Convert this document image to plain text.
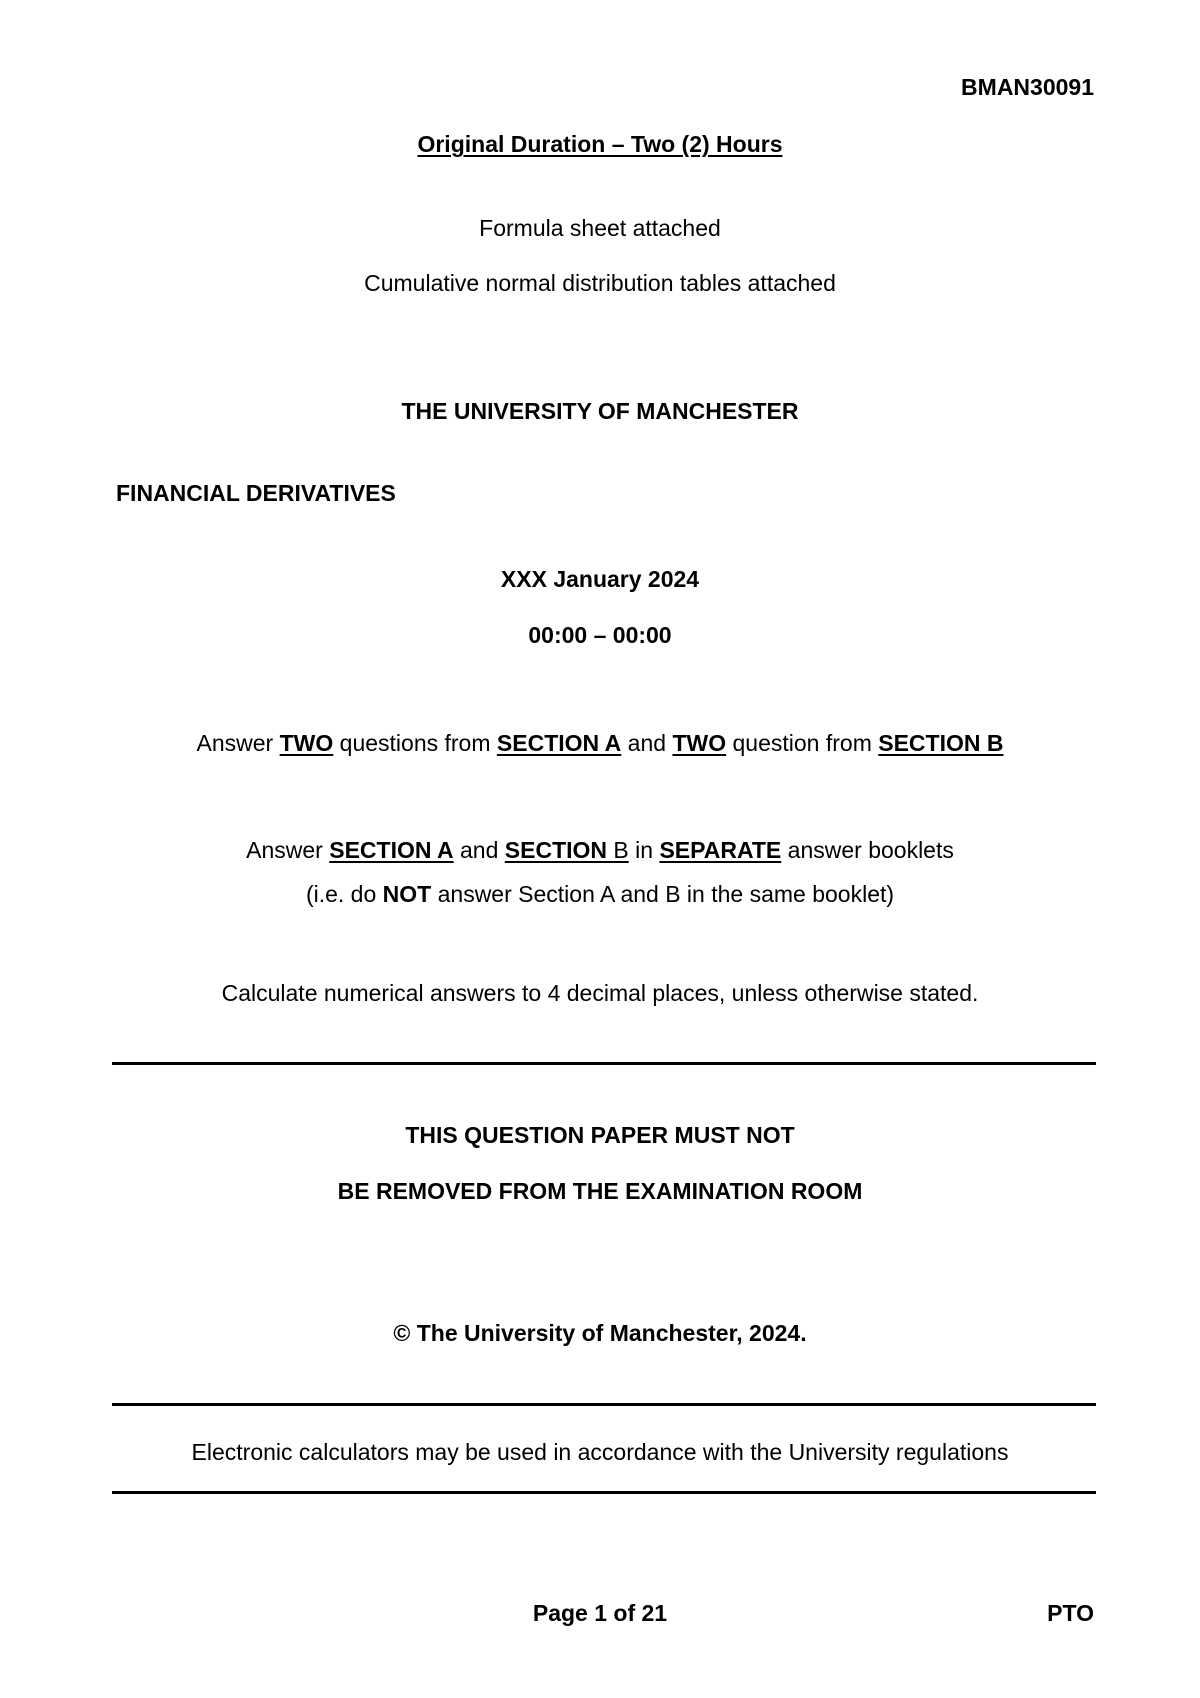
BMAN30091
Original Duration – Two (2) Hours
Formula sheet attached
Cumulative normal distribution tables attached
THE UNIVERSITY OF MANCHESTER
FINANCIAL DERIVATIVES
XXX January 2024
00:00 – 00:00
Answer TWO questions from SECTION A and TWO question from SECTION B
Answer SECTION A and SECTION B in SEPARATE answer booklets
(i.e. do NOT answer Section A and B in the same booklet)
Calculate numerical answers to 4 decimal places, unless otherwise stated.
THIS QUESTION PAPER MUST NOT
BE REMOVED FROM THE EXAMINATION ROOM
© The University of Manchester, 2024.
Electronic calculators may be used in accordance with the University regulations
Page 1 of 21	PTO
